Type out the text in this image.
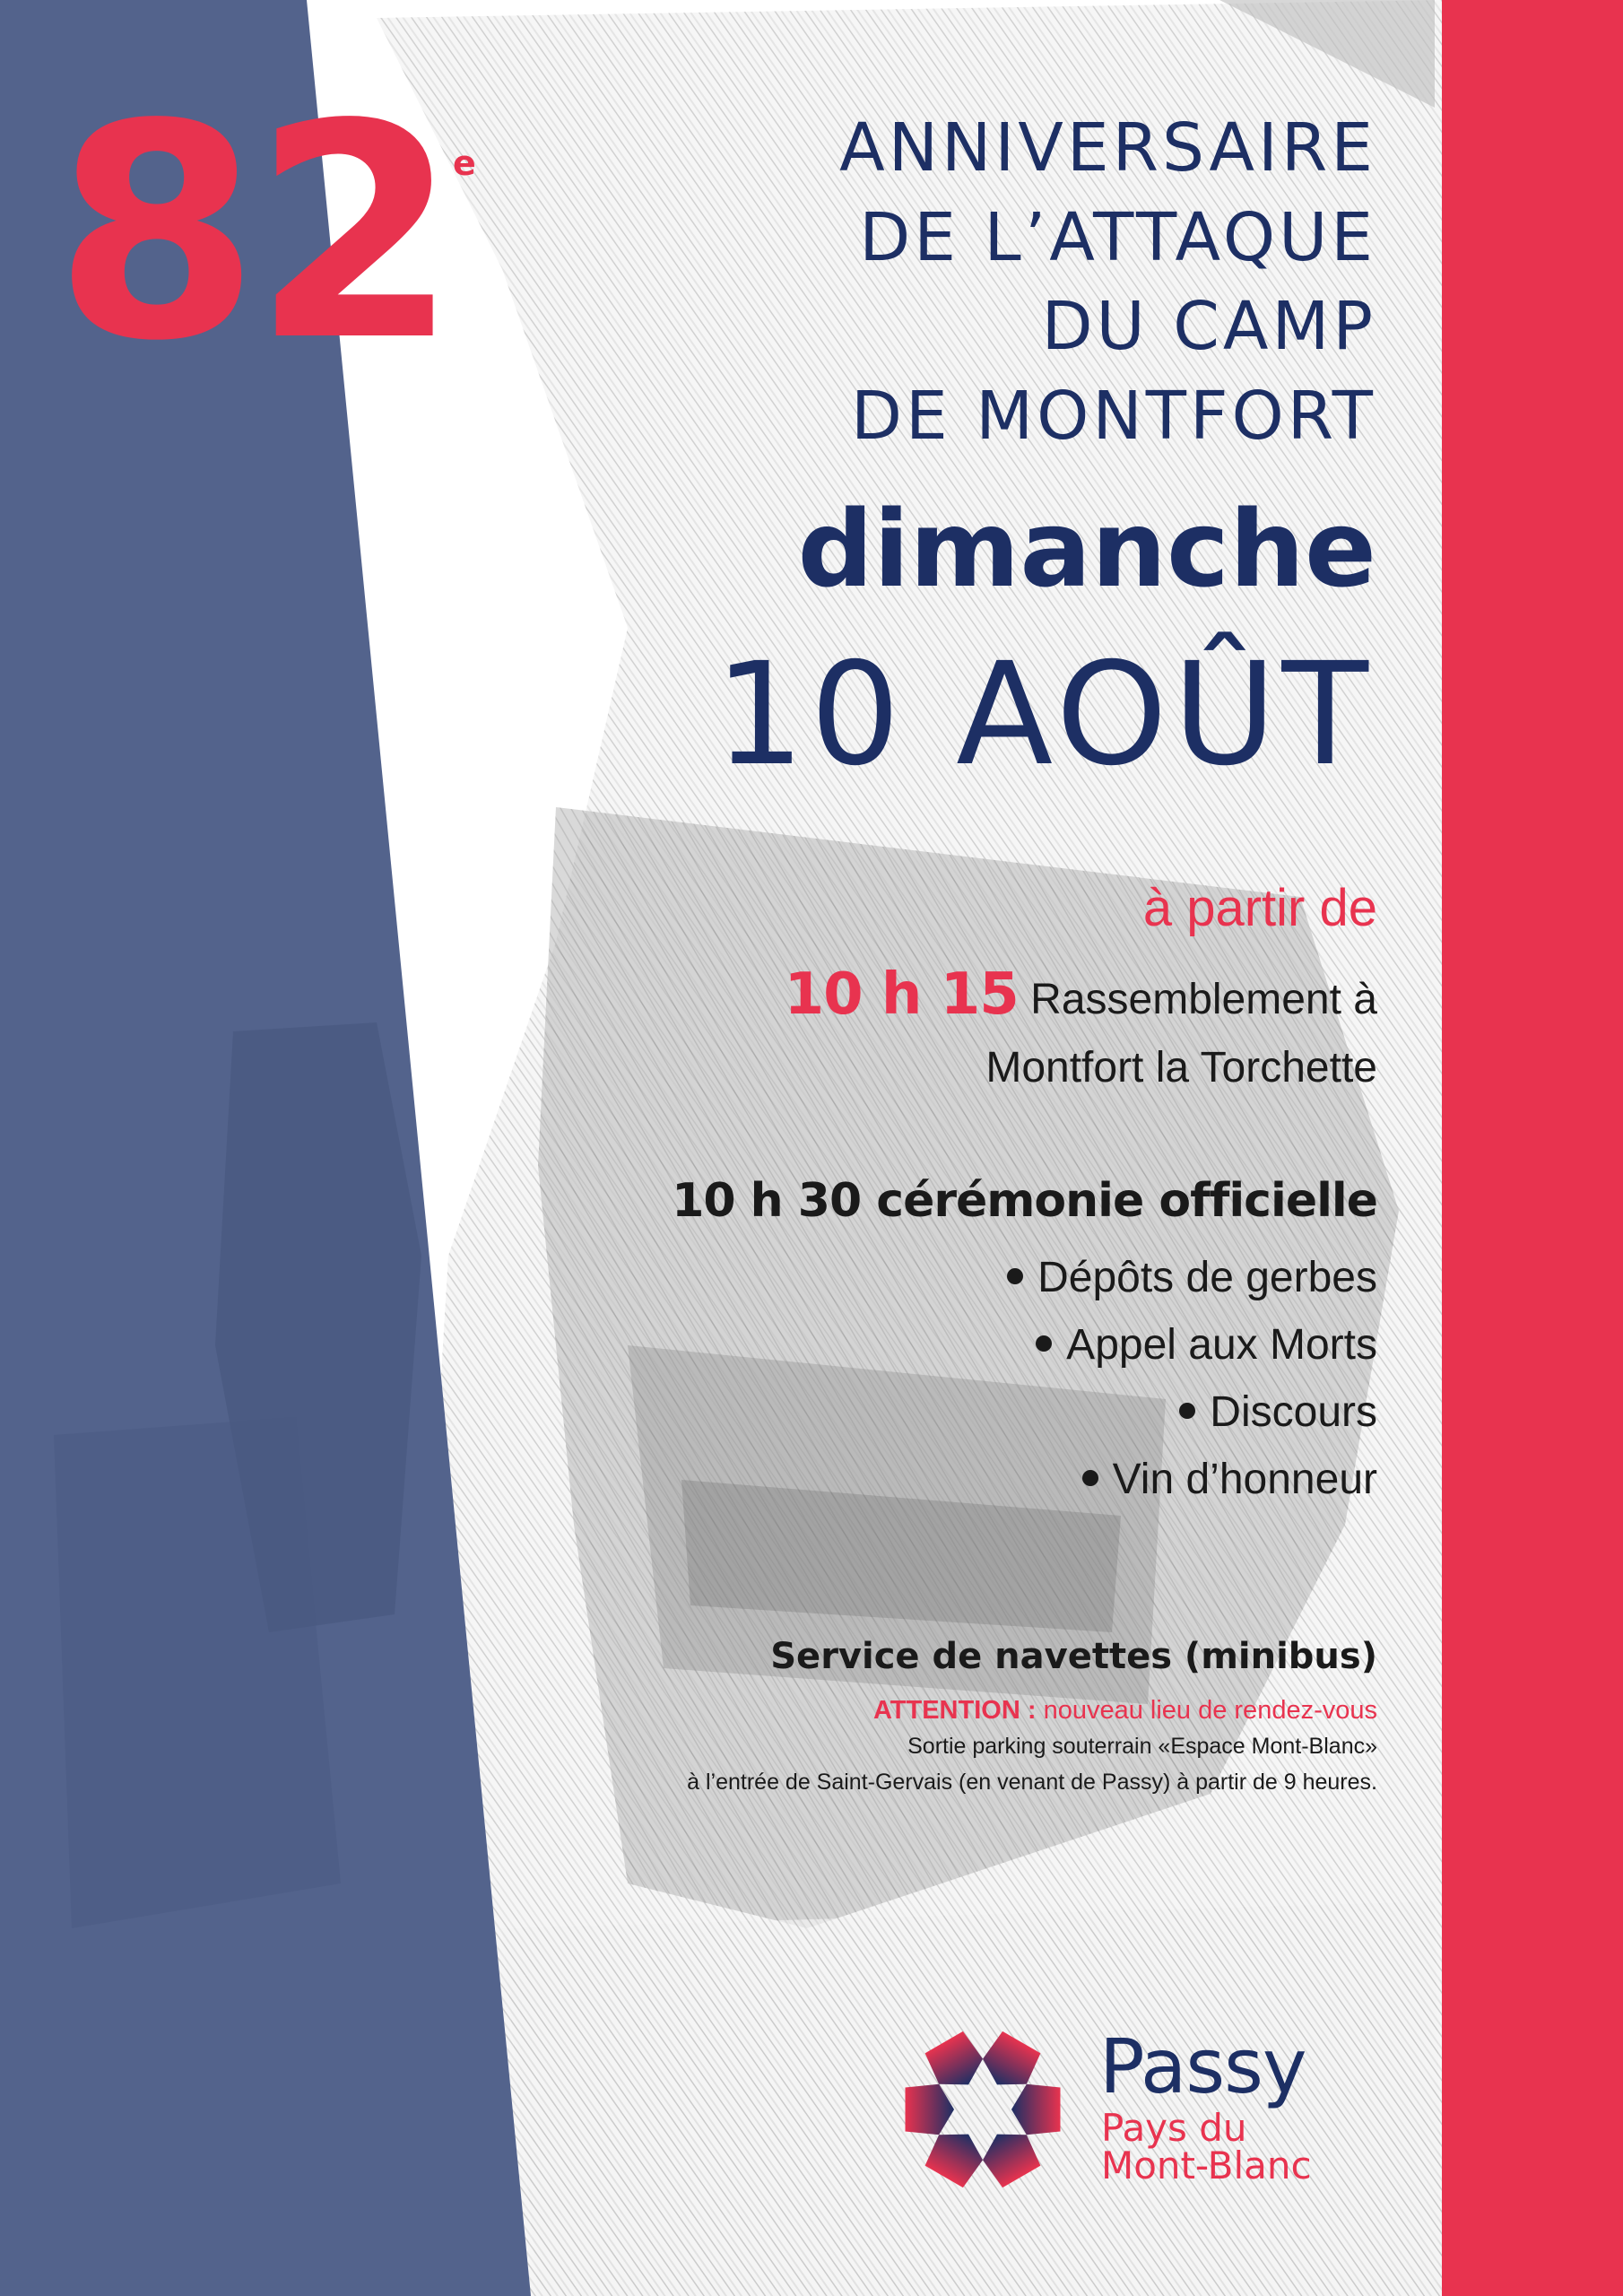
82 e	ANNIVERSAIRE
DE L’ATTAQUE
DU CAMP
DE MONTFORT
dimanche
10 AOÛT
à partir de
10 h 15 Rassemblement à
Montfort la Torchette
10 h 30 cérémonie officielle
Dépôts de gerbes
Appel aux Morts
Discours
Vin d’honneur
Service de navettes (minibus)
ATTENTION : nouveau lieu de rendez-vous
Sortie parking souterrain «Espace Mont-Blanc»
à l’entrée de Saint-Gervais (en venant de Passy) à partir de 9 heures.
Passy
Pays du
Mont-Blanc
